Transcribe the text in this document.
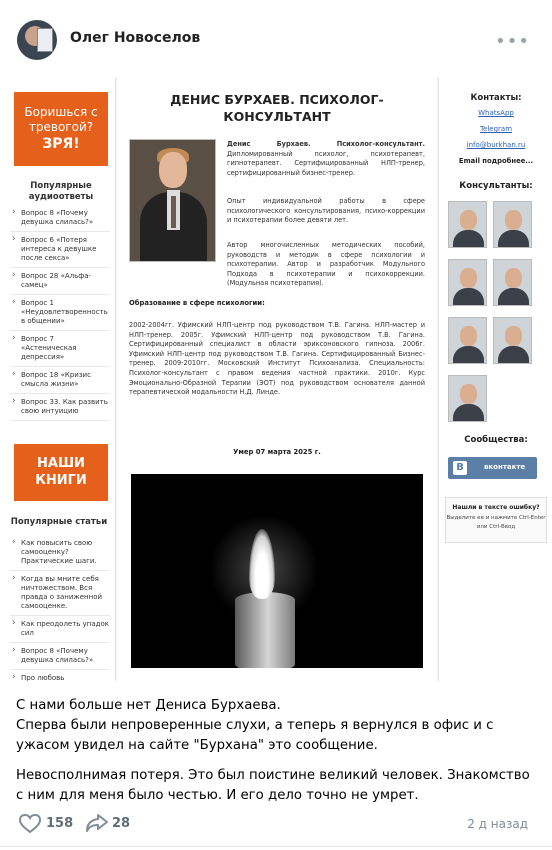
Олег Новоселов	•••
Боришься с
тревогой?
ЗРЯ!
Популярные аудиоответы
› Вопрос 8 «Почему девушка слилась?»
› Вопрос 6 «Потеря интереса к девушке после секса»
› Вопрос 28 «Альфа-самец»
› Вопрос 1 «Неудовлетворенность в общении»
› Вопрос 7 «Астеническая депрессия»
› Вопрос 18 «Кризис смысла жизни»
› Вопрос 33. Как развить свою интуицию
НАШИ
КНИГИ
Популярные статьи
› Как повысить свою самооценку? Практические шаги.
› Когда вы мните себя ничтожеством. Вся правда о заниженной самооценке.
› Как преодолеть упадок сил
› Вопрос 8 «Почему девушка слилась?»
› Про любовь
ДЕНИС БУРХАЕВ. ПСИХОЛОГ-
КОНСУЛЬТАНТ
Денис Бурхаев. Психолог-консультант. Дипломированный психолог, психотерапевт, гипнотерапевт. Сертифицированный НЛП-тренер, сертифицированный бизнес-тренер.
Опыт индивидуальной работы в сфере психологического консультирования, психо-коррекции и психотерапии более девяти лет.
Автор многочисленных методических пособий, руководств и методик в сфере психологии и психотерапии. Автор и разработчик Модульного Подхода в психотерапии и психокоррекции. (Модульная психотерапия).
Образование в сфере психологии:
2002-2004гг. Уфимский НЛП-центр под руководством Т.В. Гагина. НЛП-мастер и НЛП-тренер. 2005г. Уфимский НЛП-центр под руководством Т.В. Гагина. Сертифицированный специалист в области эриксоновского гипноза. 2006г. Уфимский НЛП-центр под руководством Т.В. Гагина. Сертифицированный Бизнес-тренер. 2009-2010гг. Московский Институт Психоанализа. Специальность: Психолог-консультант с правом ведения частной практики. 2010г. Курс Эмоционально-Образной Терапии (ЭОТ) под руководством основателя данной терапевтической модальности Н.Д. Линде.
Умер 07 марта 2025 г.
Контакты:
WhatsApp
Telegram
info@burkhan.ru
Email подробнее...
Консультанты:
Сообщества:
В	вконтакте
Нашли в тексте ошибку?
Выделите ее и нажмите Ctrl-Enter или Ctrl-Ввод
С нами больше нет Дениса Бурхаева.
Сперва были непроверенные слухи, а теперь я вернулся в офис и с ужасом увидел на сайте "Бурхана" это сообщение.
Невосполнимая потеря. Это был поистине великий человек. Знакомство с ним для меня было честью. И его дело точно не умрет.
158	28	2 д назад
